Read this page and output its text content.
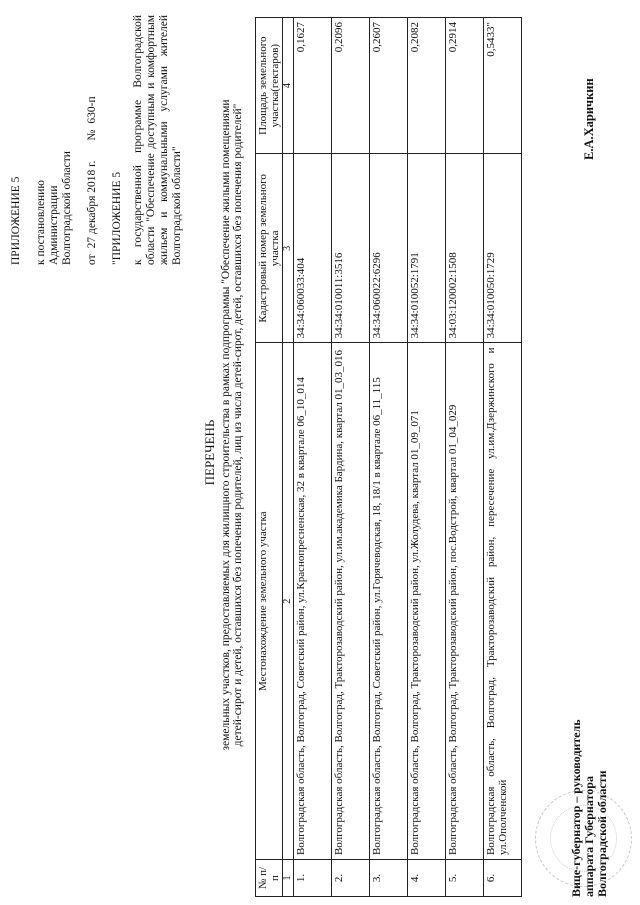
ПРИЛОЖЕНИЕ 5 к постановлению Администрации Волгоградской области от
27 декабря 2018 г.
№
630-п
"ПРИЛОЖЕНИЕ 5 к государственной программе Волгоградской области "Обеспечение доступным и комфортным жильем и коммунальными услугами жителей Волгоградской области"
ПЕРЕЧЕНЬ земельных участков, предоставляемых для жилищного строительства в рамках подпрограммы "Обеспечение жилыми помещениями детей-сирот и детей, оставшихся без попечения родителей, лиц из числа детей-сирот, детей, оставшихся без попечения родителей"
№ п/п	Местонахождение земельного участка	Кадастровый номер земельного участка	Площадь земельного участка(гектаров)
1	2	3	4
1.	Волгоградская область, Волгоград, Советский район, ул.Краснопресненская, 32 в квартале 06_10_014	34:34:060033:404	0,1627
2.	Волгоградская область, Волгоград, Тракторозаводский район, ул.им.академика Бардина, квартал 01_03_016	34:34:010011:3516	0,2096
3.	Волгоградская область, Волгоград, Советский район, ул.Горячеводская, 18, 18/1 в квартале 06_11_115	34:34:060022:6296	0,2607
4.	Волгоградская область, Волгоград, Тракторозаводский район, ул.Жолудева, квартал 01_09_071	34:34:010052:1791	0,2082
5.	Волгоградская область, Волгоград, Тракторозаводский район, пос.Водстрой, квартал 01_04_029	34:03:120002:1508	0,2914
6.	Волгоградская область, Волгоград, Тракторозаводский район, пересечение ул.им.Дзержинского и ул.Ополченской	34:34:010050:1729	0,5433"
Вице-губернатор – руководитель аппарата Губернатора Волгоградской области
Е.А.Харичкин
